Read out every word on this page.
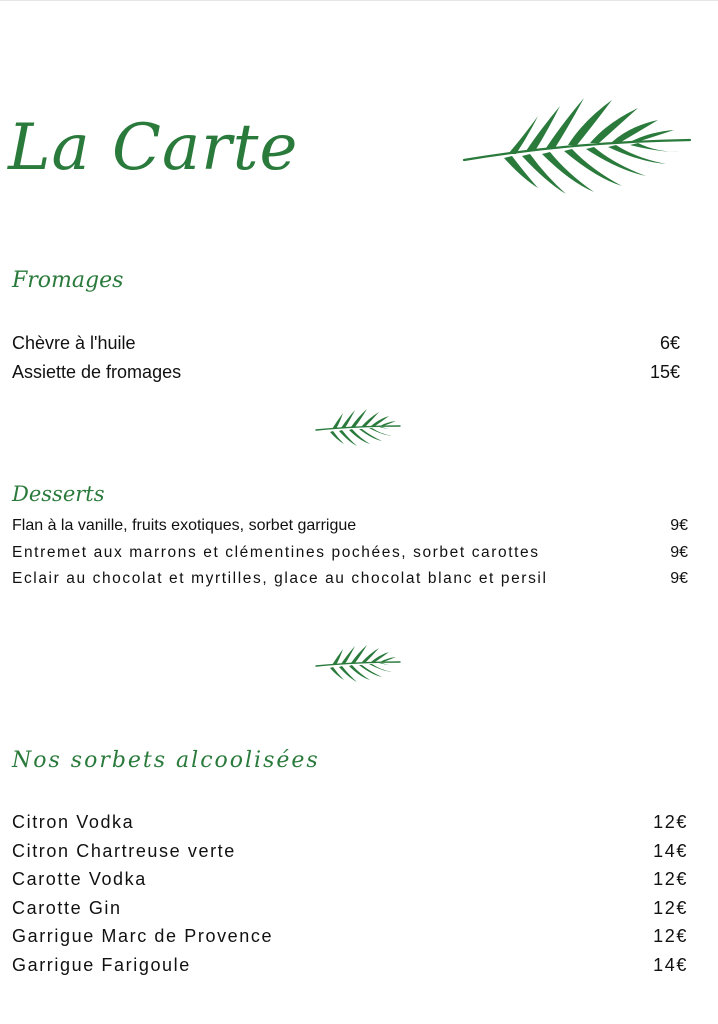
La Carte
Fromages
Chèvre à l'huile	6€
Assiette de fromages	15€
Desserts
Flan à la vanille, fruits exotiques, sorbet garrigue	9€
Entremet aux marrons et clémentines pochées, sorbet carottes	9€
Eclair au chocolat et myrtilles, glace au chocolat blanc et persil	9€
Nos sorbets alcoolisées
Citron Vodka	12€
Citron Chartreuse verte	14€
Carotte Vodka	12€
Carotte Gin	12€
Garrigue Marc de Provence	12€
Garrigue Farigoule	14€
